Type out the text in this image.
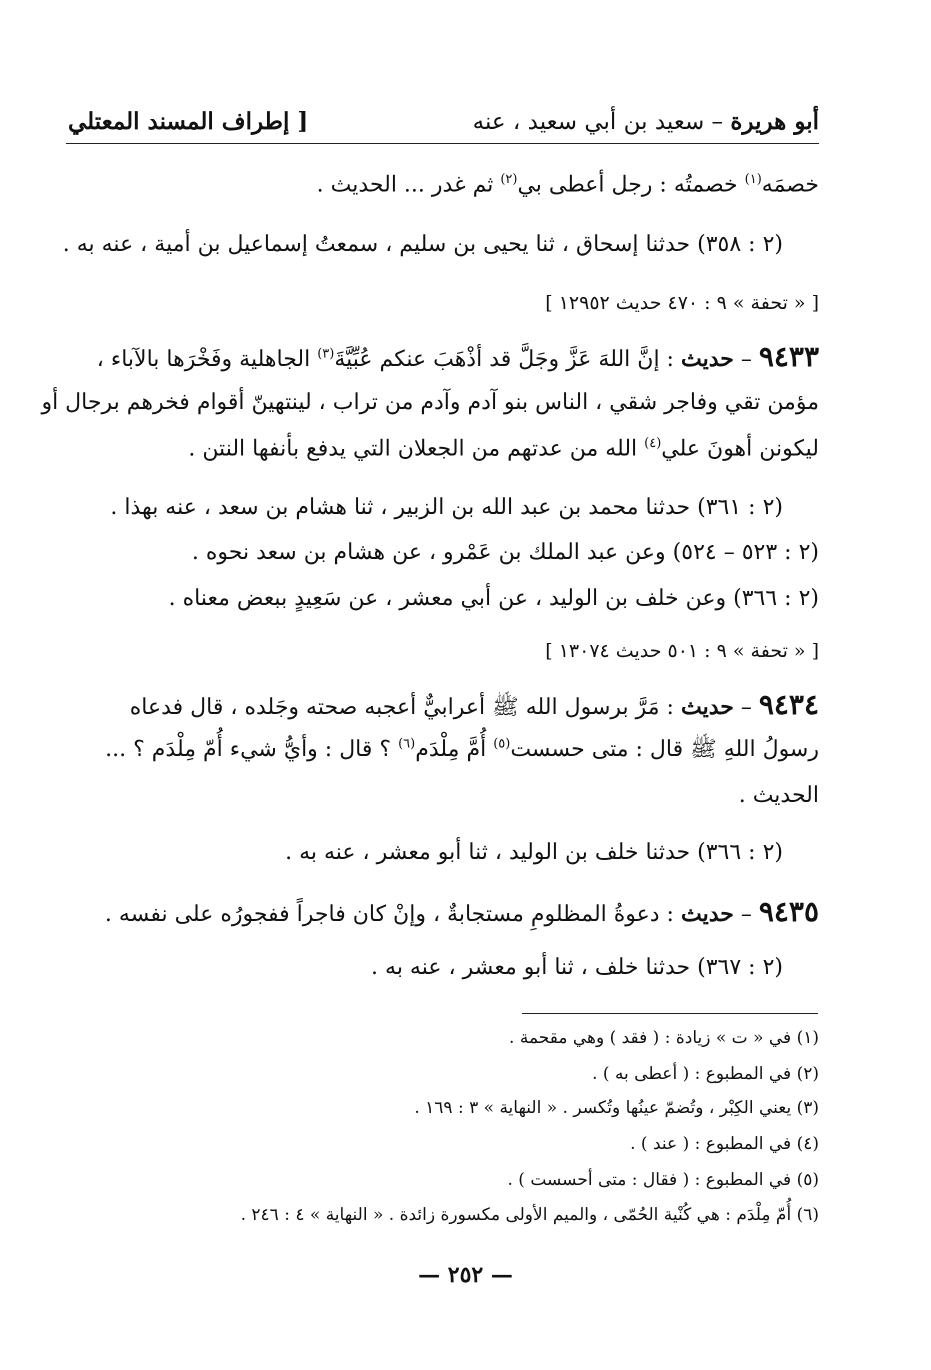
أبو هريرة – سعيد بن أبي سعيد ، عنه
[ إطراف المسند المعتلي
خصمَه$^{(١)}$ خصمتُه : رجل أعطى بي$^{(٢)}$ ثم غدر ... الحديث .
(٢ : ٣٥٨) حدثنا إسحاق ، ثنا يحيى بن سليم ، سمعتُ إسماعيل بن أمية ، عنه به .
[ « تحفة » ٩ : ٤٧٠ حديث ١٢٩٥٢ ]
٩٤٣٣ – حديث : إنَّ اللهَ عَزَّ وجَلَّ قد أذْهَبَ عنكم عُبِّيَّةَ$^{(٣)}$ الجاهلية وفَخْرَها بالآباء ،
مؤمن تقي وفاجر شقي ، الناس بنو آدم وآدم من تراب ، لينتهينّ أقوام فخرهم برجال أو
ليكونن أهونَ علي$^{(٤)}$ الله من عدتهم من الجعلان التي يدفع بأنفها النتن .
(٢ : ٣٦١) حدثنا محمد بن عبد الله بن الزبير ، ثنا هشام بن سعد ، عنه بهذا .
(٢ : ٥٢٣ – ٥٢٤) وعن عبد الملك بن عَمْرو ، عن هشام بن سعد نحوه .
(٢ : ٣٦٦) وعن خلف بن الوليد ، عن أبي معشر ، عن سَعِيدٍ ببعض معناه .
[ « تحفة » ٩ : ٥٠١ حديث ١٣٠٧٤ ]
٩٤٣٤ – حديث : مَرَّ برسول الله ﷺ أعرابيٌّ أعجبه صحته وجَلده ، قال فدعاه
رسولُ اللهِ ﷺ قال : متى حسست$^{(٥)}$ أُمَّ مِلْدَم$^{(٦)}$ ؟ قال : وأيُّ شيء أُمّ مِلْدَم ؟ ...
الحديث .
(٢ : ٣٦٦) حدثنا خلف بن الوليد ، ثنا أبو معشر ، عنه به .
٩٤٣٥ – حديث : دعوةُ المظلومِ مستجابةٌ ، وإنْ كان فاجراً ففجورُه على نفسه .
(٢ : ٣٦٧) حدثنا خلف ، ثنا أبو معشر ، عنه به .
(١) في « ت » زيادة : ( فقد ) وهي مقحمة .
(٢) في المطبوع : ( أعطى به ) .
(٣) يعني الكِبْر ، وتُضمّ عينُها وتُكسر . « النهاية » ٣ : ١٦٩ .
(٤) في المطبوع : ( عند ) .
(٥) في المطبوع : ( فقال : متى أحسست ) .
(٦) أُمّ مِلْدَم : هي كُنْية الحُمّى ، والميم الأولى مكسورة زائدة . « النهاية » ٤ : ٢٤٦ .
— ٢٥٢ —
